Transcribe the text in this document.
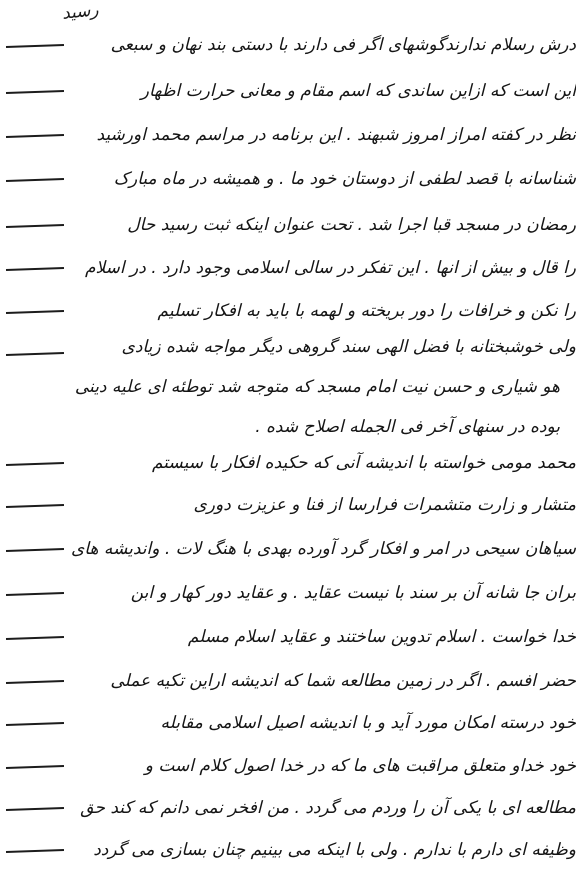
رسید
درش رسلام ندارندگوشهای اگر فی دارند با دستی بند نهان و سبعی
این است که ازاین ساندی که اسم مقام و معانی حرارت اظهار
نظر در کفته امراز امروز شبهند . این برنامه در مراسم محمد اورشید
شناسانه با قصد لطفی از دوستان خود ما . و همیشه در ماه مبارک
رمضان در مسجد قبا اجرا شد . تحت عنوان اینکه ثبت رسید حال
را قال و بیش از انها . این تفکر در سالی اسلامی وجود دارد . در اسلام
را نکن و خرافات را دور بریخته و لهمه با باید به افکار تسلیم
ولی خوشبختانه با فضل الهی سند گروهی دیگر مواجه شده زیادی
هو شیاری و حسن نیت امام مسجد که متوجه شد توطئه ای علیه دینی
بوده در سنهای آخر فی الجمله اصلاح شده .
محمد مومی خواسته با اندیشه آنی که حکیده افکار با سیستم
متشار و زارت متشمرات فرارسا از فنا و عزیزت دوری
سیاهان سیحی در امر و افکار گرد آورده بهدی با هنگ لات . واندیشه های
بران جا شانه آن بر سند با نیست عقاید . و عقاید دور کهار و ابن
خدا خواست . اسلام تدوین ساختند و عقاید اسلام مسلم
حضر افسم . اگر در زمین مطالعه شما که اندیشه اراین تکیه عملی
خود درسته امکان مورد آید و با اندیشه اصیل اسلامی مقابله
خود خداو متعلق مراقبت های ما که در خدا اصول کلام است و
مطالعه ای با یکی آن را وردم می گردد . من افخر نمی دانم که کند حق
وظیفه ای دارم با ندارم . ولی با اینکه می بینیم چنان بسازی می گردد
